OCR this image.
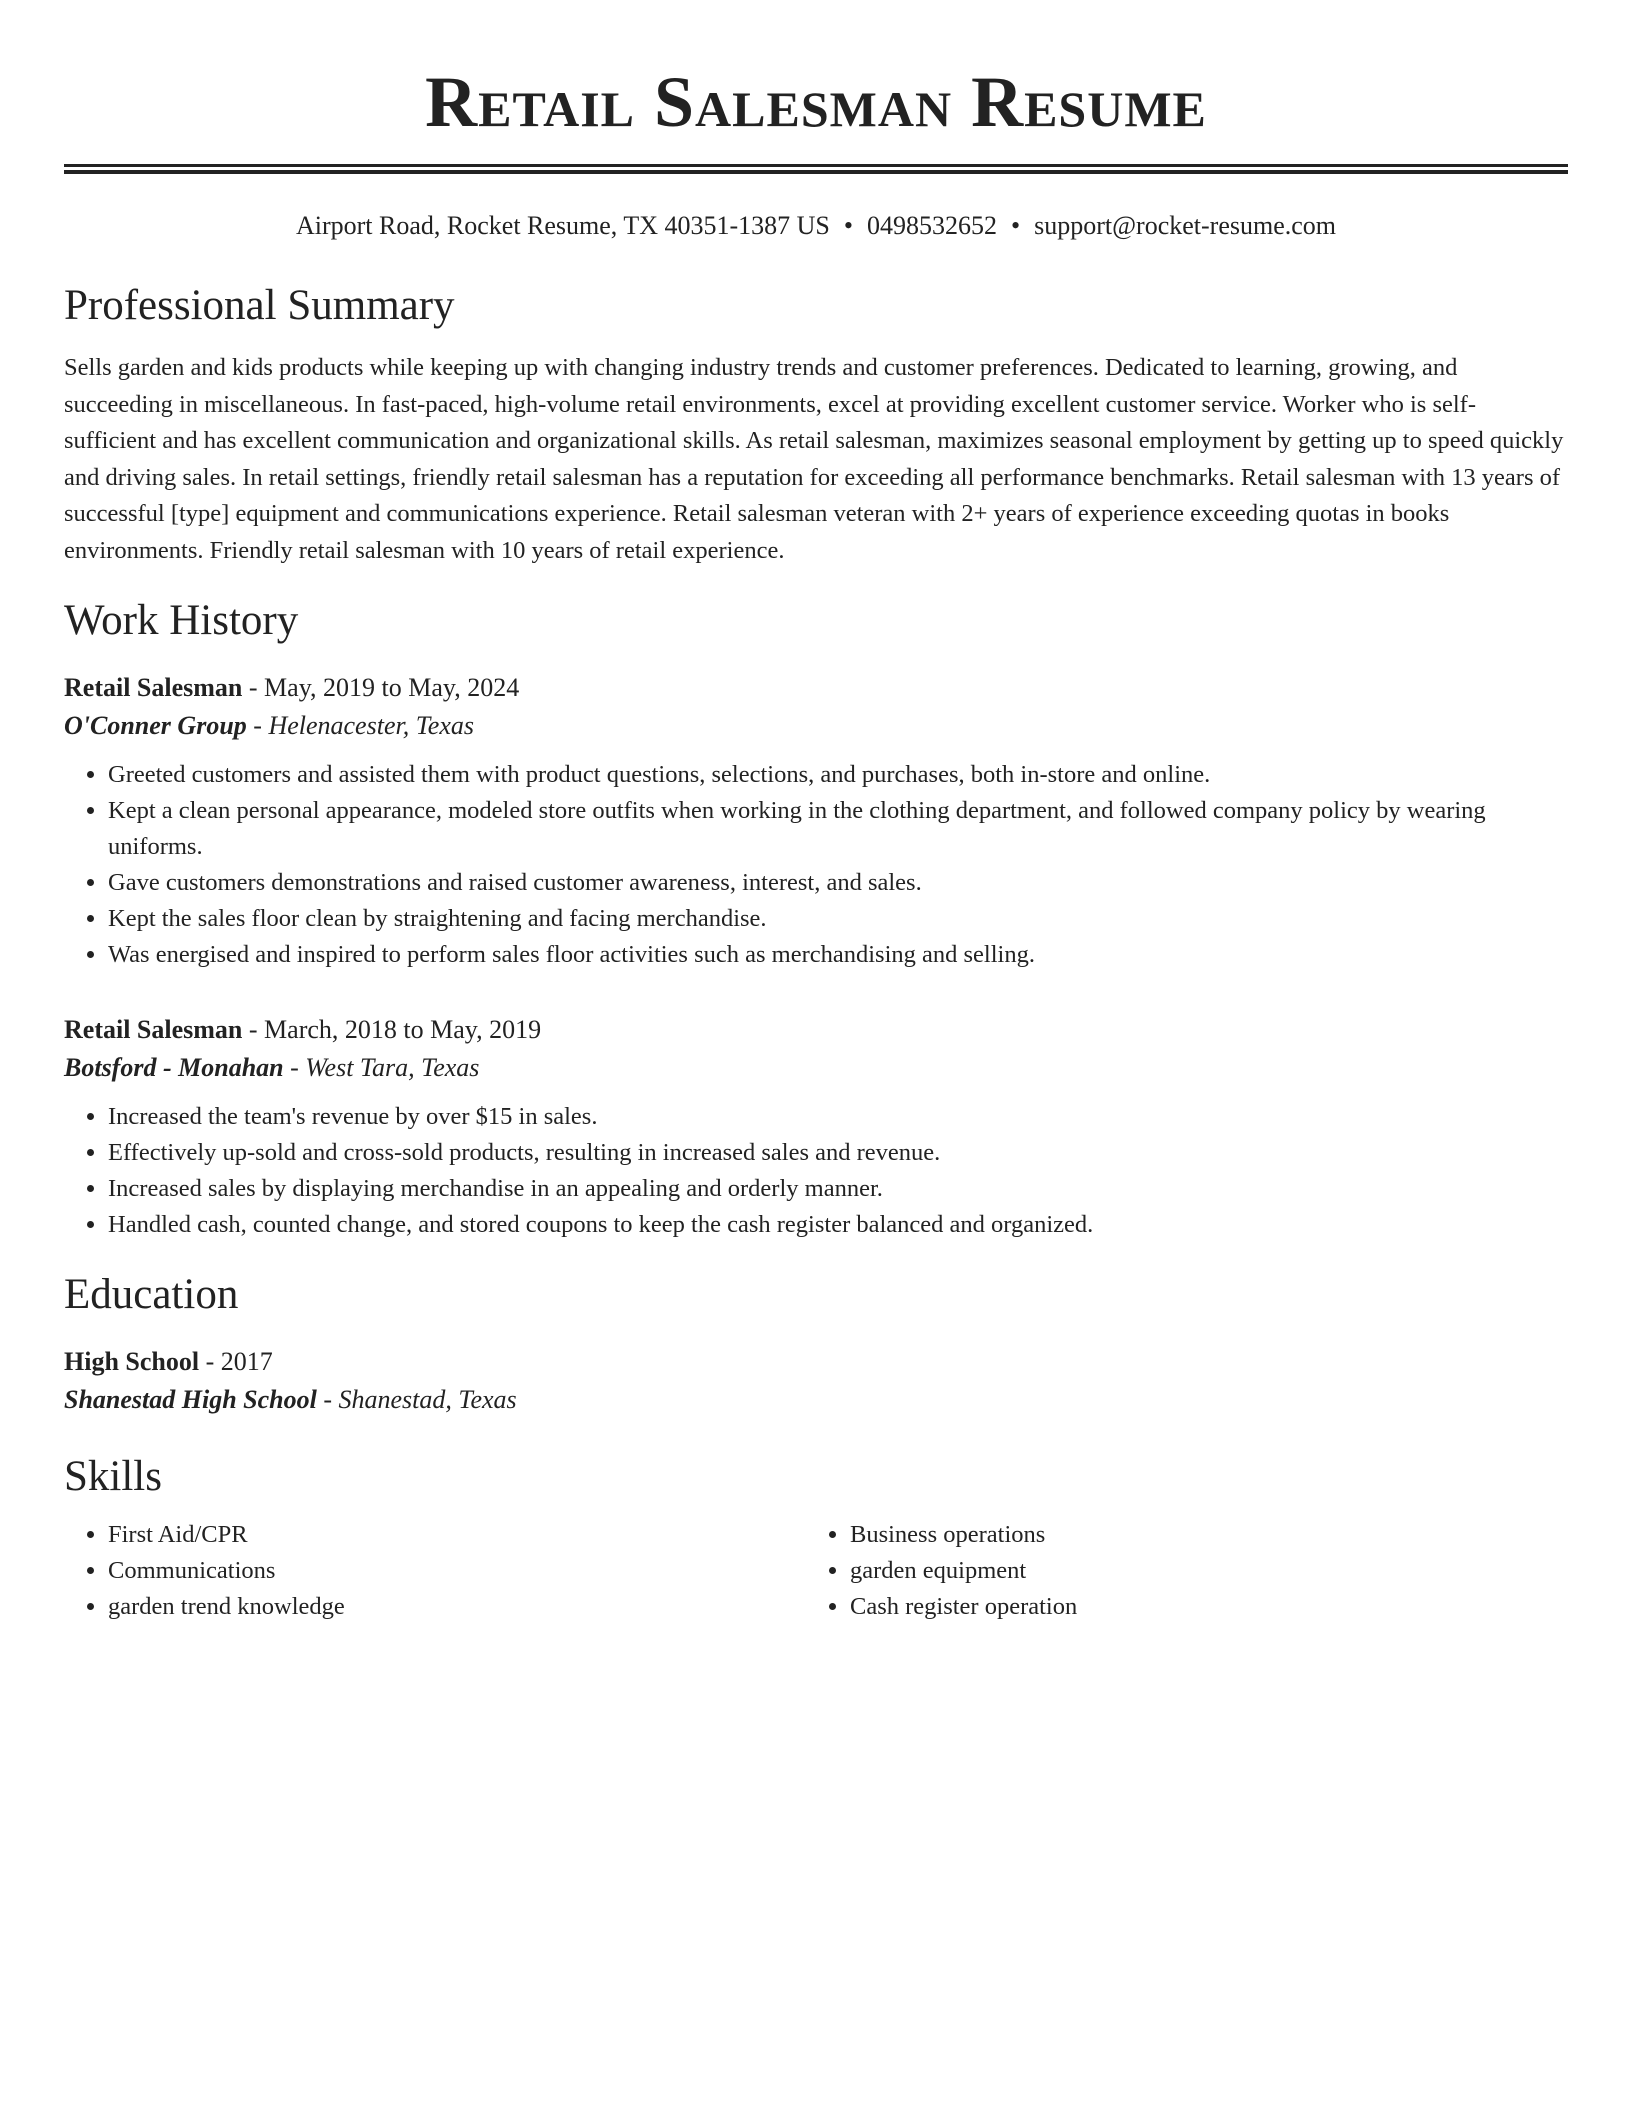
Retail Salesman Resume
Airport Road, Rocket Resume, TX 40351-1387 US • 0498532652 • support@rocket-resume.com
Professional Summary

Sells garden and kids products while keeping up with changing industry trends and customer preferences. Dedicated to learning, growing, and succeeding in miscellaneous. In fast-paced, high-volume retail environments, excel at providing excellent customer service. Worker who is self-sufficient and has excellent communication and organizational skills. As retail salesman, maximizes seasonal employment by getting up to speed quickly and driving sales. In retail settings, friendly retail salesman has a reputation for exceeding all performance benchmarks. Retail salesman with 13 years of successful [type] equipment and communications experience. Retail salesman veteran with 2+ years of experience exceeding quotas in books environments. Friendly retail salesman with 10 years of retail experience.

Work History
Retail Salesman - May, 2019 to May, 2024
O'Conner Group - Helenacester, Texas
• Greeted customers and assisted them with product questions, selections, and purchases, both in-store and online.
• Kept a clean personal appearance, modeled store outfits when working in the clothing department, and followed company policy by wearing uniforms.
• Gave customers demonstrations and raised customer awareness, interest, and sales.
• Kept the sales floor clean by straightening and facing merchandise.
• Was energised and inspired to perform sales floor activities such as merchandising and selling.
Retail Salesman - March, 2018 to May, 2019
Botsford - Monahan - West Tara, Texas
• Increased the team's revenue by over $15 in sales.
• Effectively up-sold and cross-sold products, resulting in increased sales and revenue.
• Increased sales by displaying merchandise in an appealing and orderly manner.
• Handled cash, counted change, and stored coupons to keep the cash register balanced and organized.
Education
High School - 2017
Shanestad High School - Shanestad, Texas
Skills
• First Aid/CPR
• Communications
• garden trend knowledge
• Business operations
• garden equipment
• Cash register operation
